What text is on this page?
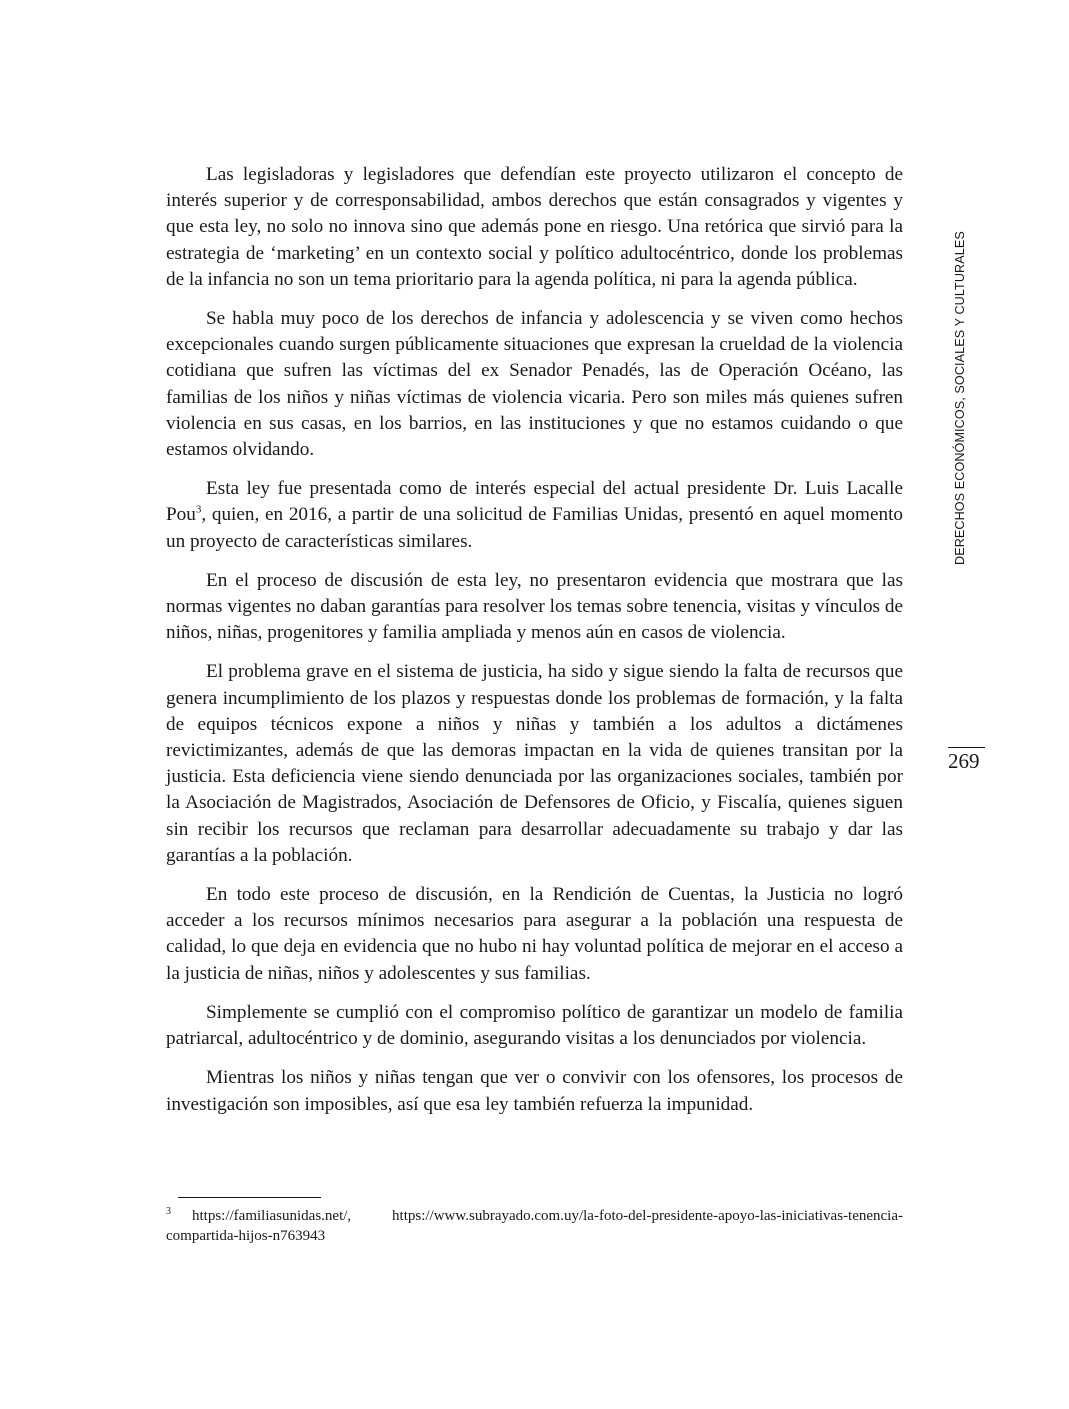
Las legisladoras y legisladores que defendían este proyecto utilizaron el concepto de interés superior y de corresponsabilidad, ambos derechos que están consagrados y vigentes y que esta ley, no solo no innova sino que además pone en riesgo. Una retórica que sirvió para la estrategia de ‘marketing’ en un contexto social y político adultocéntrico, donde los problemas de la infancia no son un tema prioritario para la agenda política, ni para la agenda pública.

Se habla muy poco de los derechos de infancia y adolescencia y se viven como hechos excepcionales cuando surgen públicamente situaciones que expresan la crueldad de la violencia cotidiana que sufren las víctimas del ex Senador Penadés, las de Operación Océano, las familias de los niños y niñas víctimas de violencia vicaria. Pero son miles más quienes sufren violencia en sus casas, en los barrios, en las instituciones y que no estamos cuidando o que estamos olvidando.

Esta ley fue presentada como de interés especial del actual presidente Dr. Luis Lacalle Pou$^3$, quien, en 2016, a partir de una solicitud de Familias Unidas, presentó en aquel momento un proyecto de características similares.

En el proceso de discusión de esta ley, no presentaron evidencia que mostrara que las normas vigentes no daban garantías para resolver los temas sobre tenencia, visitas y vínculos de niños, niñas, progenitores y familia ampliada y menos aún en casos de violencia.

El problema grave en el sistema de justicia, ha sido y sigue siendo la falta de recursos que genera incumplimiento de los plazos y respuestas donde los problemas de formación, y la falta de equipos técnicos expone a niños y niñas y también a los adultos a dictámenes revictimizantes, además de que las demoras impactan en la vida de quienes transitan por la justicia. Esta deficiencia viene siendo denunciada por las organizaciones sociales, también por la Asociación de Magistrados, Asociación de Defensores de Oficio, y Fiscalía, quienes siguen sin recibir los recursos que reclaman para desarrollar adecuadamente su trabajo y dar las garantías a la población.

En todo este proceso de discusión, en la Rendición de Cuentas, la Justicia no logró acceder a los recursos mínimos necesarios para asegurar a la población una respuesta de calidad, lo que deja en evidencia que no hubo ni hay voluntad política de mejorar en el acceso a la justicia de niñas, niños y adolescentes y sus familias.

Simplemente se cumplió con el compromiso político de garantizar un modelo de familia patriarcal, adultocéntrico y de dominio, asegurando visitas a los denunciados por violencia.

Mientras los niños y niñas tengan que ver o convivir con los ofensores, los procesos de investigación son imposibles, así que esa ley también refuerza la impunidad.

3 https://familiasunidas.net/, https://www.subrayado.com.uy/la-foto-del-presidente-apoyo-las-iniciativas-tenencia-compartida-hijos-n763943
DERECHOS ECONÓMICOS, SOCIALES Y CULTURALES
269
